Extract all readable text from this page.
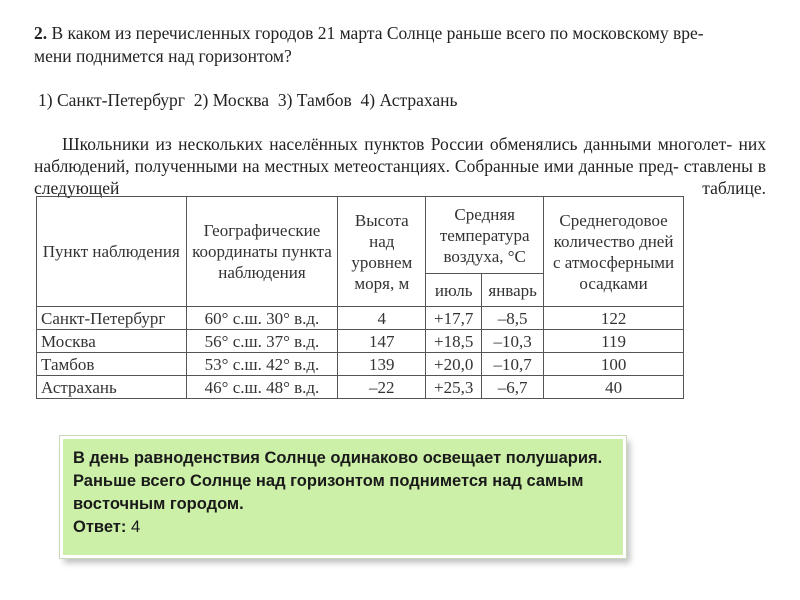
2. В каком из перечисленных городов 21 марта Солнце раньше всего по московскому вре-
мени поднимется над горизонтом?
1) Санкт-Петербург  2) Москва  3) Тамбов  4) Астрахань
Школьники из нескольких населённых пунктов России обменялись данными многолет- них наблюдений, полученными на местных метеостанциях. Собранные ими данные пред- ставлены в следующей таблице.
Пункт наблюдения	Географические координаты пункта наблюдения	Высота над уровнем моря, м	Средняя температура воздуха, °С		Среднегодовое количество дней с атмосферными осадками
			июль	январь	
Санкт-Петербург	60° с.ш. 30° в.д.	4	+17,7	–8,5	122
Москва	56° с.ш. 37° в.д.	147	+18,5	–10,3	119
Тамбов	53° с.ш. 42° в.д.	139	+20,0	–10,7	100
Астрахань	46° с.ш. 48° в.д.	–22	+25,3	–6,7	40
В день равноденствия Солнце одинаково освещает полушария.
Раньше всего Солнце над горизонтом поднимется над самым восточным городом.
Ответ: 4
